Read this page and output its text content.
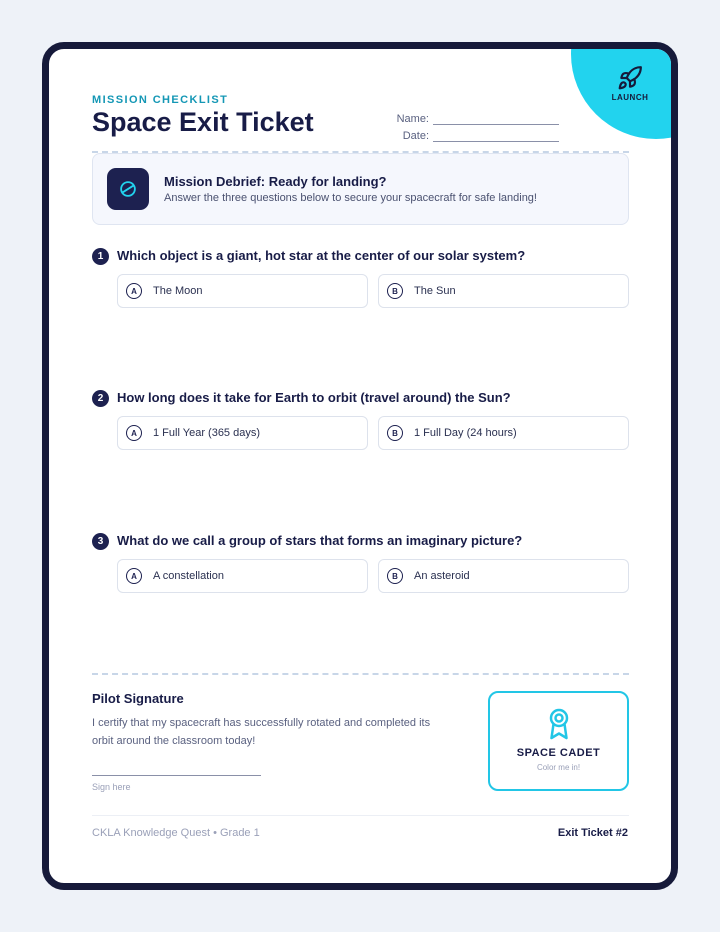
LAUNCH
MISSION CHECKLIST
Space Exit Ticket	Name:
Date:
Mission Debrief: Ready for landing?
Answer the three questions below to secure your spacecraft for safe landing!
1	Which object is a giant, hot star at the center of our solar system?
A	The Moon	B	The Sun
2	How long does it take for Earth to orbit (travel around) the Sun?
A	1 Full Year (365 days)	B	1 Full Day (24 hours)
3	What do we call a group of stars that forms an imaginary picture?
A	A constellation	B	An asteroid
Pilot Signature
I certify that my spacecraft has successfully rotated and completed its orbit around the classroom today!
Sign here
SPACE CADET
Color me in!
CKLA Knowledge Quest • Grade 1	Exit Ticket #2
